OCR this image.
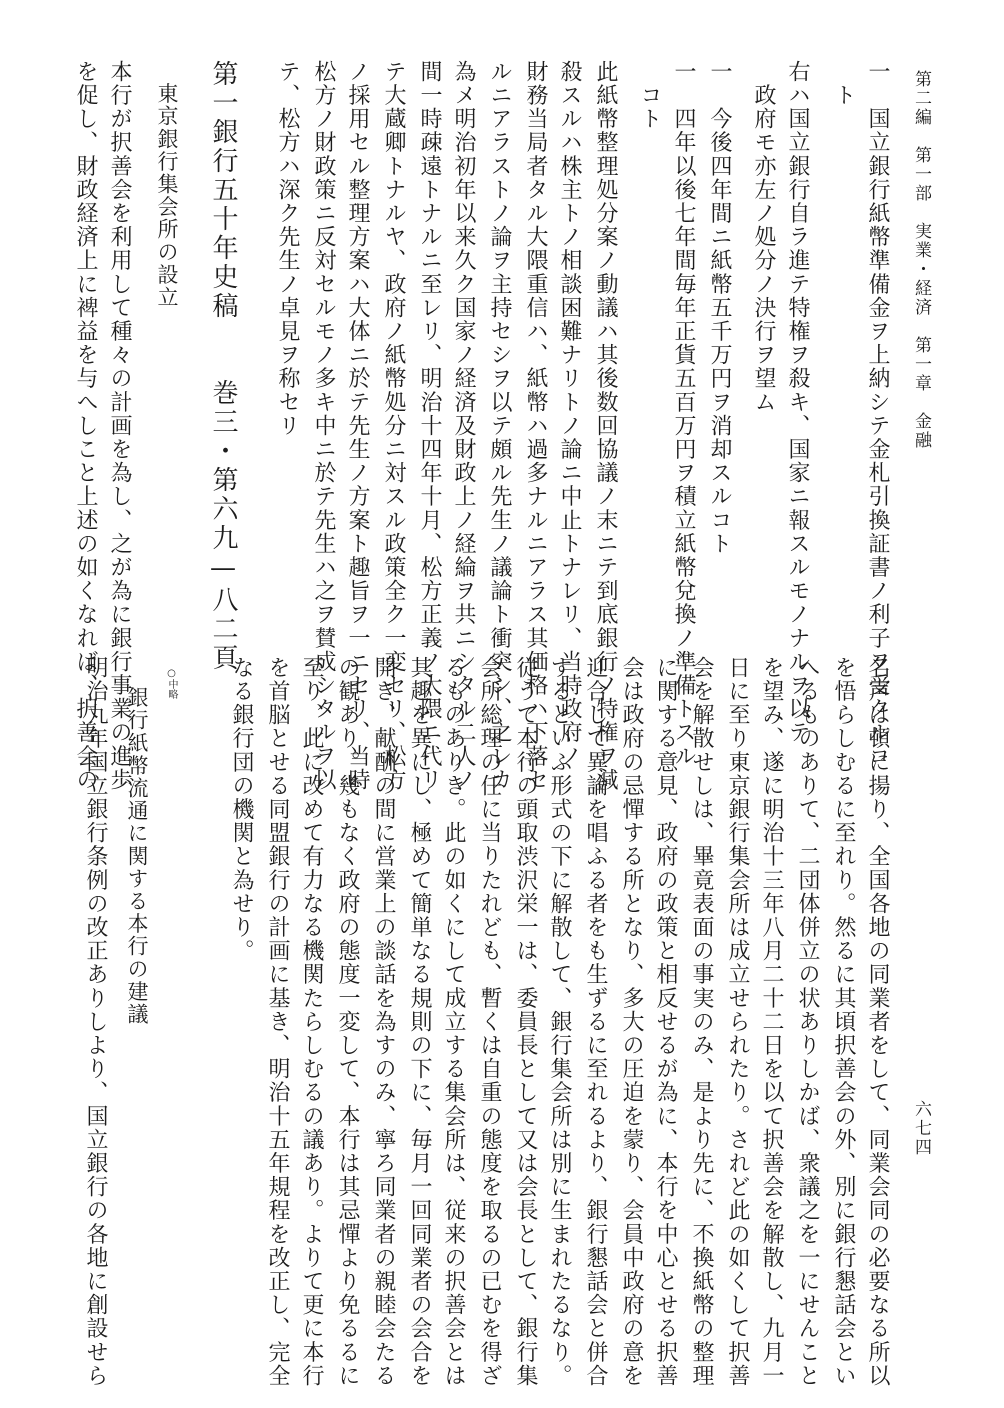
第二編　第一部　実業・経済　第一章　金融
六七四
一　国立銀行紙幣準備金ヲ上納シテ金札引換証書ノ利子ヲ受クルコ
　ト
右ハ国立銀行自ラ進テ特権ヲ殺キ、国家ニ報スルモノナルヲ以テ
　政府モ亦左ノ処分ノ決行ヲ望ム
一　今後四年間ニ紙幣五千万円ヲ消却スルコト
一　四年以後七年間毎年正貨五百万円ヲ積立紙幣兌換ノ準備トスル
　コト
此紙幣整理処分案ノ動議ハ其後数回協議ノ末ニテ到底銀行ノ特権ヲ減
殺スルハ株主トノ相談困難ナリトノ論ニ中止トナレリ、当時政府ノ
財務当局者タル大隈重信ハ、紙幣ハ過多ナルニアラス其価格ハ下落セ
ルニアラストノ論ヲ主持セシヲ以テ頗ル先生ノ議論ト衝突シ、之レカ
為メ明治初年以来久ク国家ノ経済及財政上ノ経綸ヲ共ニシタル二人ノ
間一時疎遠トナルニ至レリ、明治十四年十月、松方正義ノ大隈ニ代リ
テ大蔵卿トナルヤ、政府ノ紙幣処分ニ対スル政策全ク一変セリ、松方
ノ採用セル整理方案ハ大体ニ於テ先生ノ方案ト趣旨ヲ一ニセリ、当時
松方ノ財政策ニ反対セルモノ多キ中ニ於テ先生ハ之ヲ賛成シタルヲ以
テ、松方ハ深ク先生ノ卓見ヲ称セリ
第一銀行五十年史稿　　巻三・第六九—八二頁
　東京銀行集会所の設立
本行が択善会を利用して種々の計画を為し、之が為に銀行事業の進歩
を促し、財政経済上に裨益を与へしこと上述の如くなれば、択善会の
名声は頓に揚り、全国各地の同業者をして、同業会同の必要なる所以
を悟らしむるに至れり。然るに其頃択善会の外、別に銀行懇話会とい
へるものありて、二団体併立の状ありしかば、衆議之を一にせんこと
を望み、遂に明治十三年八月二十二日を以て択善会を解散し、九月一
日に至り東京銀行集会所は成立せられたり。されど此の如くして択善
会を解散せしは、畢竟表面の事実のみ、是より先に、不換紙幣の整理
に関する意見、政府の政策と相反せるが為に、本行を中心とせる択善
会は政府の忌憚する所となり、多大の圧迫を蒙り、会員中政府の意を
迎合して異論を唱ふる者をも生ずるに至れるより、銀行懇話会と併合
するといふ形式の下に解散して、銀行集会所は別に生まれたるなり。
従うて本行の頭取渋沢栄一は、委員長として又は会長として、銀行集
会所総理の任に当りたれども、暫くは自重の態度を取るの已むを得ざ
るものありき。此の如くにして成立する集会所は、従来の択善会とは
其趣を異にし、極めて簡単なる規則の下に、毎月一回同業者の会合を
開き、献酬の間に営業上の談話を為すのみ、寧ろ同業者の親睦会たる
の観あり。幾もなく政府の態度一変して、本行は其忌憚より免るるに
至り、此に改めて有力なる機関たらしむるの議あり。よりて更に本行
を首脳とせる同盟銀行の計画に基き、明治十五年規程を改正し、完全
なる銀行団の機関と為せり。
○中略
　銀行紙幣流通に関する本行の建議
明治九年国立銀行条例の改正ありしより、国立銀行の各地に創設せら
